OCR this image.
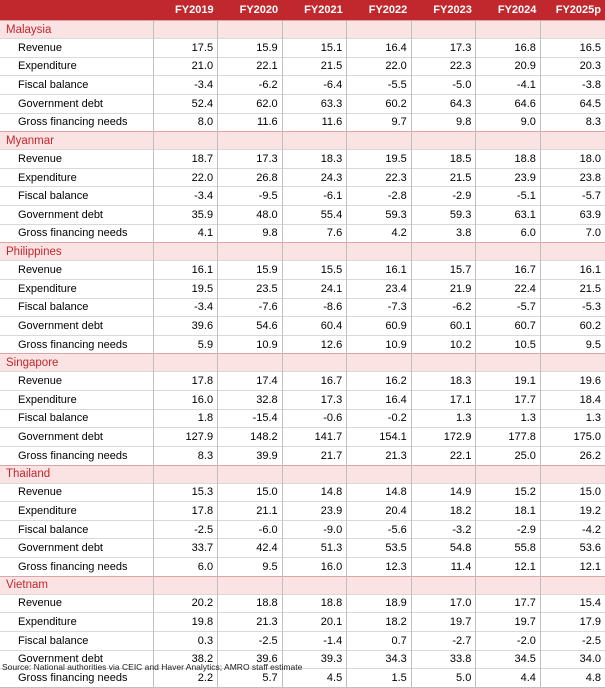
	FY2019	FY2020	FY2021	FY2022	FY2023	FY2024	FY2025p
Malaysia							
Revenue	17.5	15.9	15.1	16.4	17.3	16.8	16.5
Expenditure	21.0	22.1	21.5	22.0	22.3	20.9	20.3
Fiscal balance	-3.4	-6.2	-6.4	-5.5	-5.0	-4.1	-3.8
Government debt	52.4	62.0	63.3	60.2	64.3	64.6	64.5
Gross financing needs	8.0	11.6	11.6	9.7	9.8	9.0	8.3
Myanmar							
Revenue	18.7	17.3	18.3	19.5	18.5	18.8	18.0
Expenditure	22.0	26.8	24.3	22.3	21.5	23.9	23.8
Fiscal balance	-3.4	-9.5	-6.1	-2.8	-2.9	-5.1	-5.7
Government debt	35.9	48.0	55.4	59.3	59.3	63.1	63.9
Gross financing needs	4.1	9.8	7.6	4.2	3.8	6.0	7.0
Philippines							
Revenue	16.1	15.9	15.5	16.1	15.7	16.7	16.1
Expenditure	19.5	23.5	24.1	23.4	21.9	22.4	21.5
Fiscal balance	-3.4	-7.6	-8.6	-7.3	-6.2	-5.7	-5.3
Government debt	39.6	54.6	60.4	60.9	60.1	60.7	60.2
Gross financing needs	5.9	10.9	12.6	10.9	10.2	10.5	9.5
Singapore							
Revenue	17.8	17.4	16.7	16.2	18.3	19.1	19.6
Expenditure	16.0	32.8	17.3	16.4	17.1	17.7	18.4
Fiscal balance	1.8	-15.4	-0.6	-0.2	1.3	1.3	1.3
Government debt	127.9	148.2	141.7	154.1	172.9	177.8	175.0
Gross financing needs	8.3	39.9	21.7	21.3	22.1	25.0	26.2
Thailand							
Revenue	15.3	15.0	14.8	14.8	14.9	15.2	15.0
Expenditure	17.8	21.1	23.9	20.4	18.2	18.1	19.2
Fiscal balance	-2.5	-6.0	-9.0	-5.6	-3.2	-2.9	-4.2
Government debt	33.7	42.4	51.3	53.5	54.8	55.8	53.6
Gross financing needs	6.0	9.5	16.0	12.3	11.4	12.1	12.1
Vietnam							
Revenue	20.2	18.8	18.8	18.9	17.0	17.7	15.4
Expenditure	19.8	21.3	20.1	18.2	19.7	19.7	17.9
Fiscal balance	0.3	-2.5	-1.4	0.7	-2.7	-2.0	-2.5
Government debt	38.2	39.6	39.3	34.3	33.8	34.5	34.0
Gross financing needs	2.2	5.7	4.5	1.5	5.0	4.4	4.8
Source: National authorities via CEIC and Haver Analytics; AMRO staff estimate
